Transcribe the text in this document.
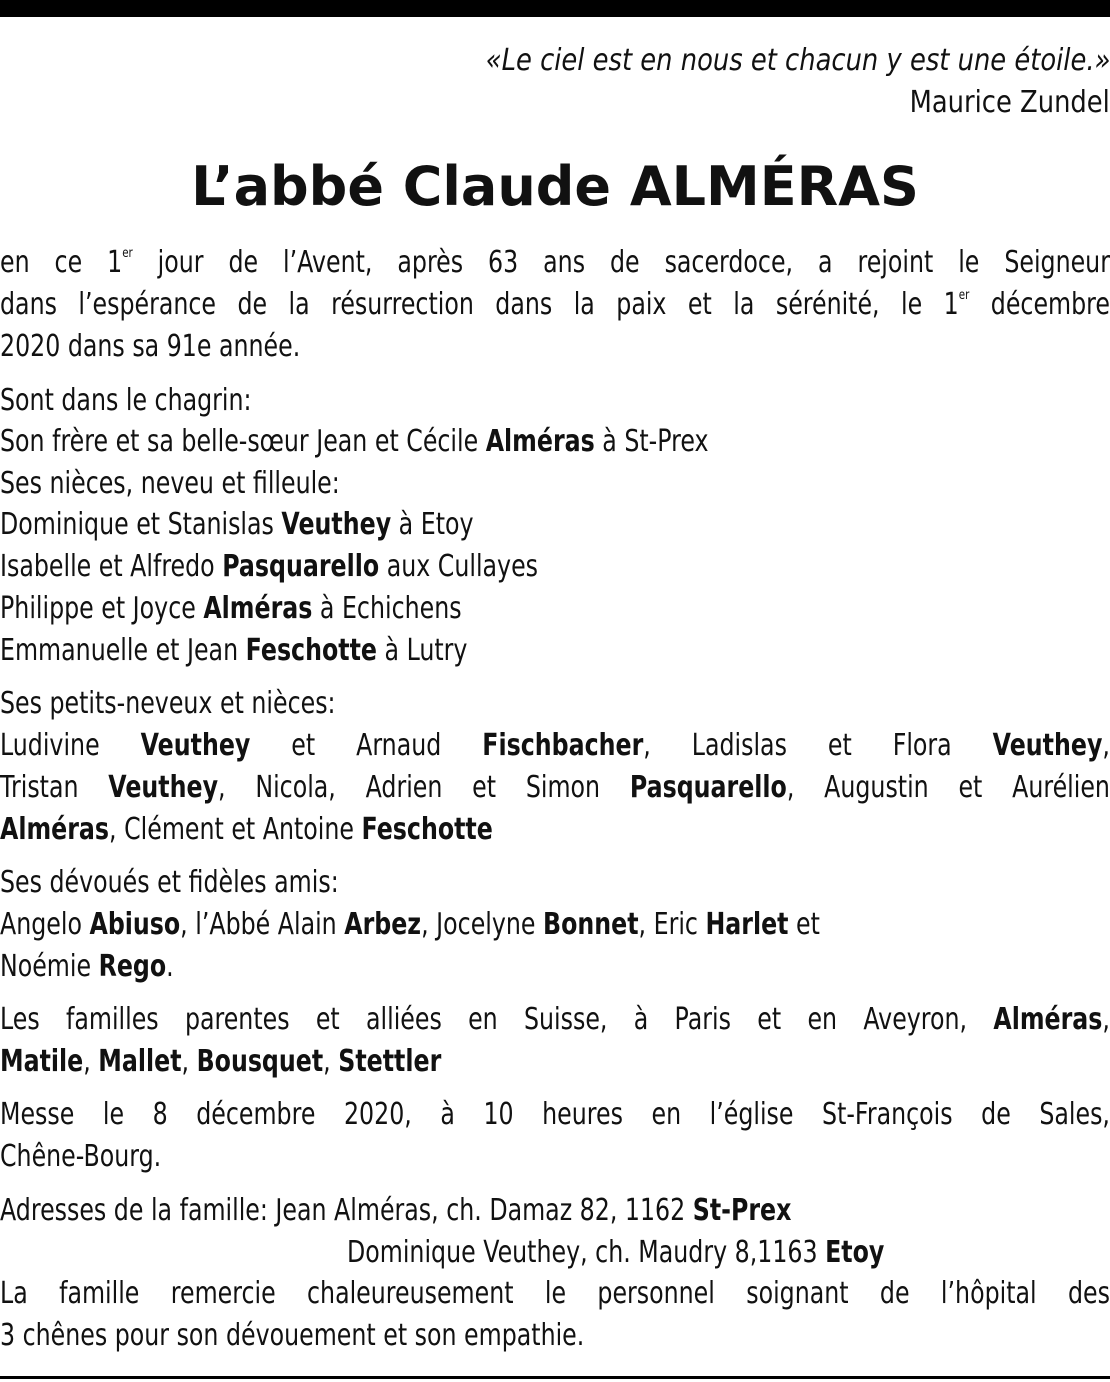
«Le ciel est en nous et chacun y est une étoile.»
Maurice Zundel
L’abbé Claude ALMÉRAS
en ce 1er jour de l’Avent, après 63 ans de sacerdoce, a rejoint le Seigneur
dans l’espérance de la résurrection dans la paix et la sérénité, le 1er décembre
2020 dans sa 91e année.
Sont dans le chagrin:
Son frère et sa belle-sœur Jean et Cécile Alméras à St-Prex
Ses nièces, neveu et filleule:
Dominique et Stanislas Veuthey à Etoy
Isabelle et Alfredo Pasquarello aux Cullayes
Philippe et Joyce Alméras à Echichens
Emmanuelle et Jean Feschotte à Lutry
Ses petits-neveux et nièces:
Ludivine Veuthey et Arnaud Fischbacher, Ladislas et Flora Veuthey,
Tristan Veuthey, Nicola, Adrien et Simon Pasquarello, Augustin et Aurélien
Alméras, Clément et Antoine Feschotte
Ses dévoués et fidèles amis:
Angelo Abiuso, l’Abbé Alain Arbez, Jocelyne Bonnet, Eric Harlet et
Noémie Rego.
Les familles parentes et alliées en Suisse, à Paris et en Aveyron, Alméras,
Matile, Mallet, Bousquet, Stettler
Messe le 8 décembre 2020, à 10 heures en l’église St-François de Sales,
Chêne-Bourg.
Adresses de la famille: Jean Alméras, ch. Damaz 82, 1162 St-Prex
Dominique Veuthey, ch. Maudry 8,1163 Etoy
La famille remercie chaleureusement le personnel soignant de l’hôpital des
3 chênes pour son dévouement et son empathie.
